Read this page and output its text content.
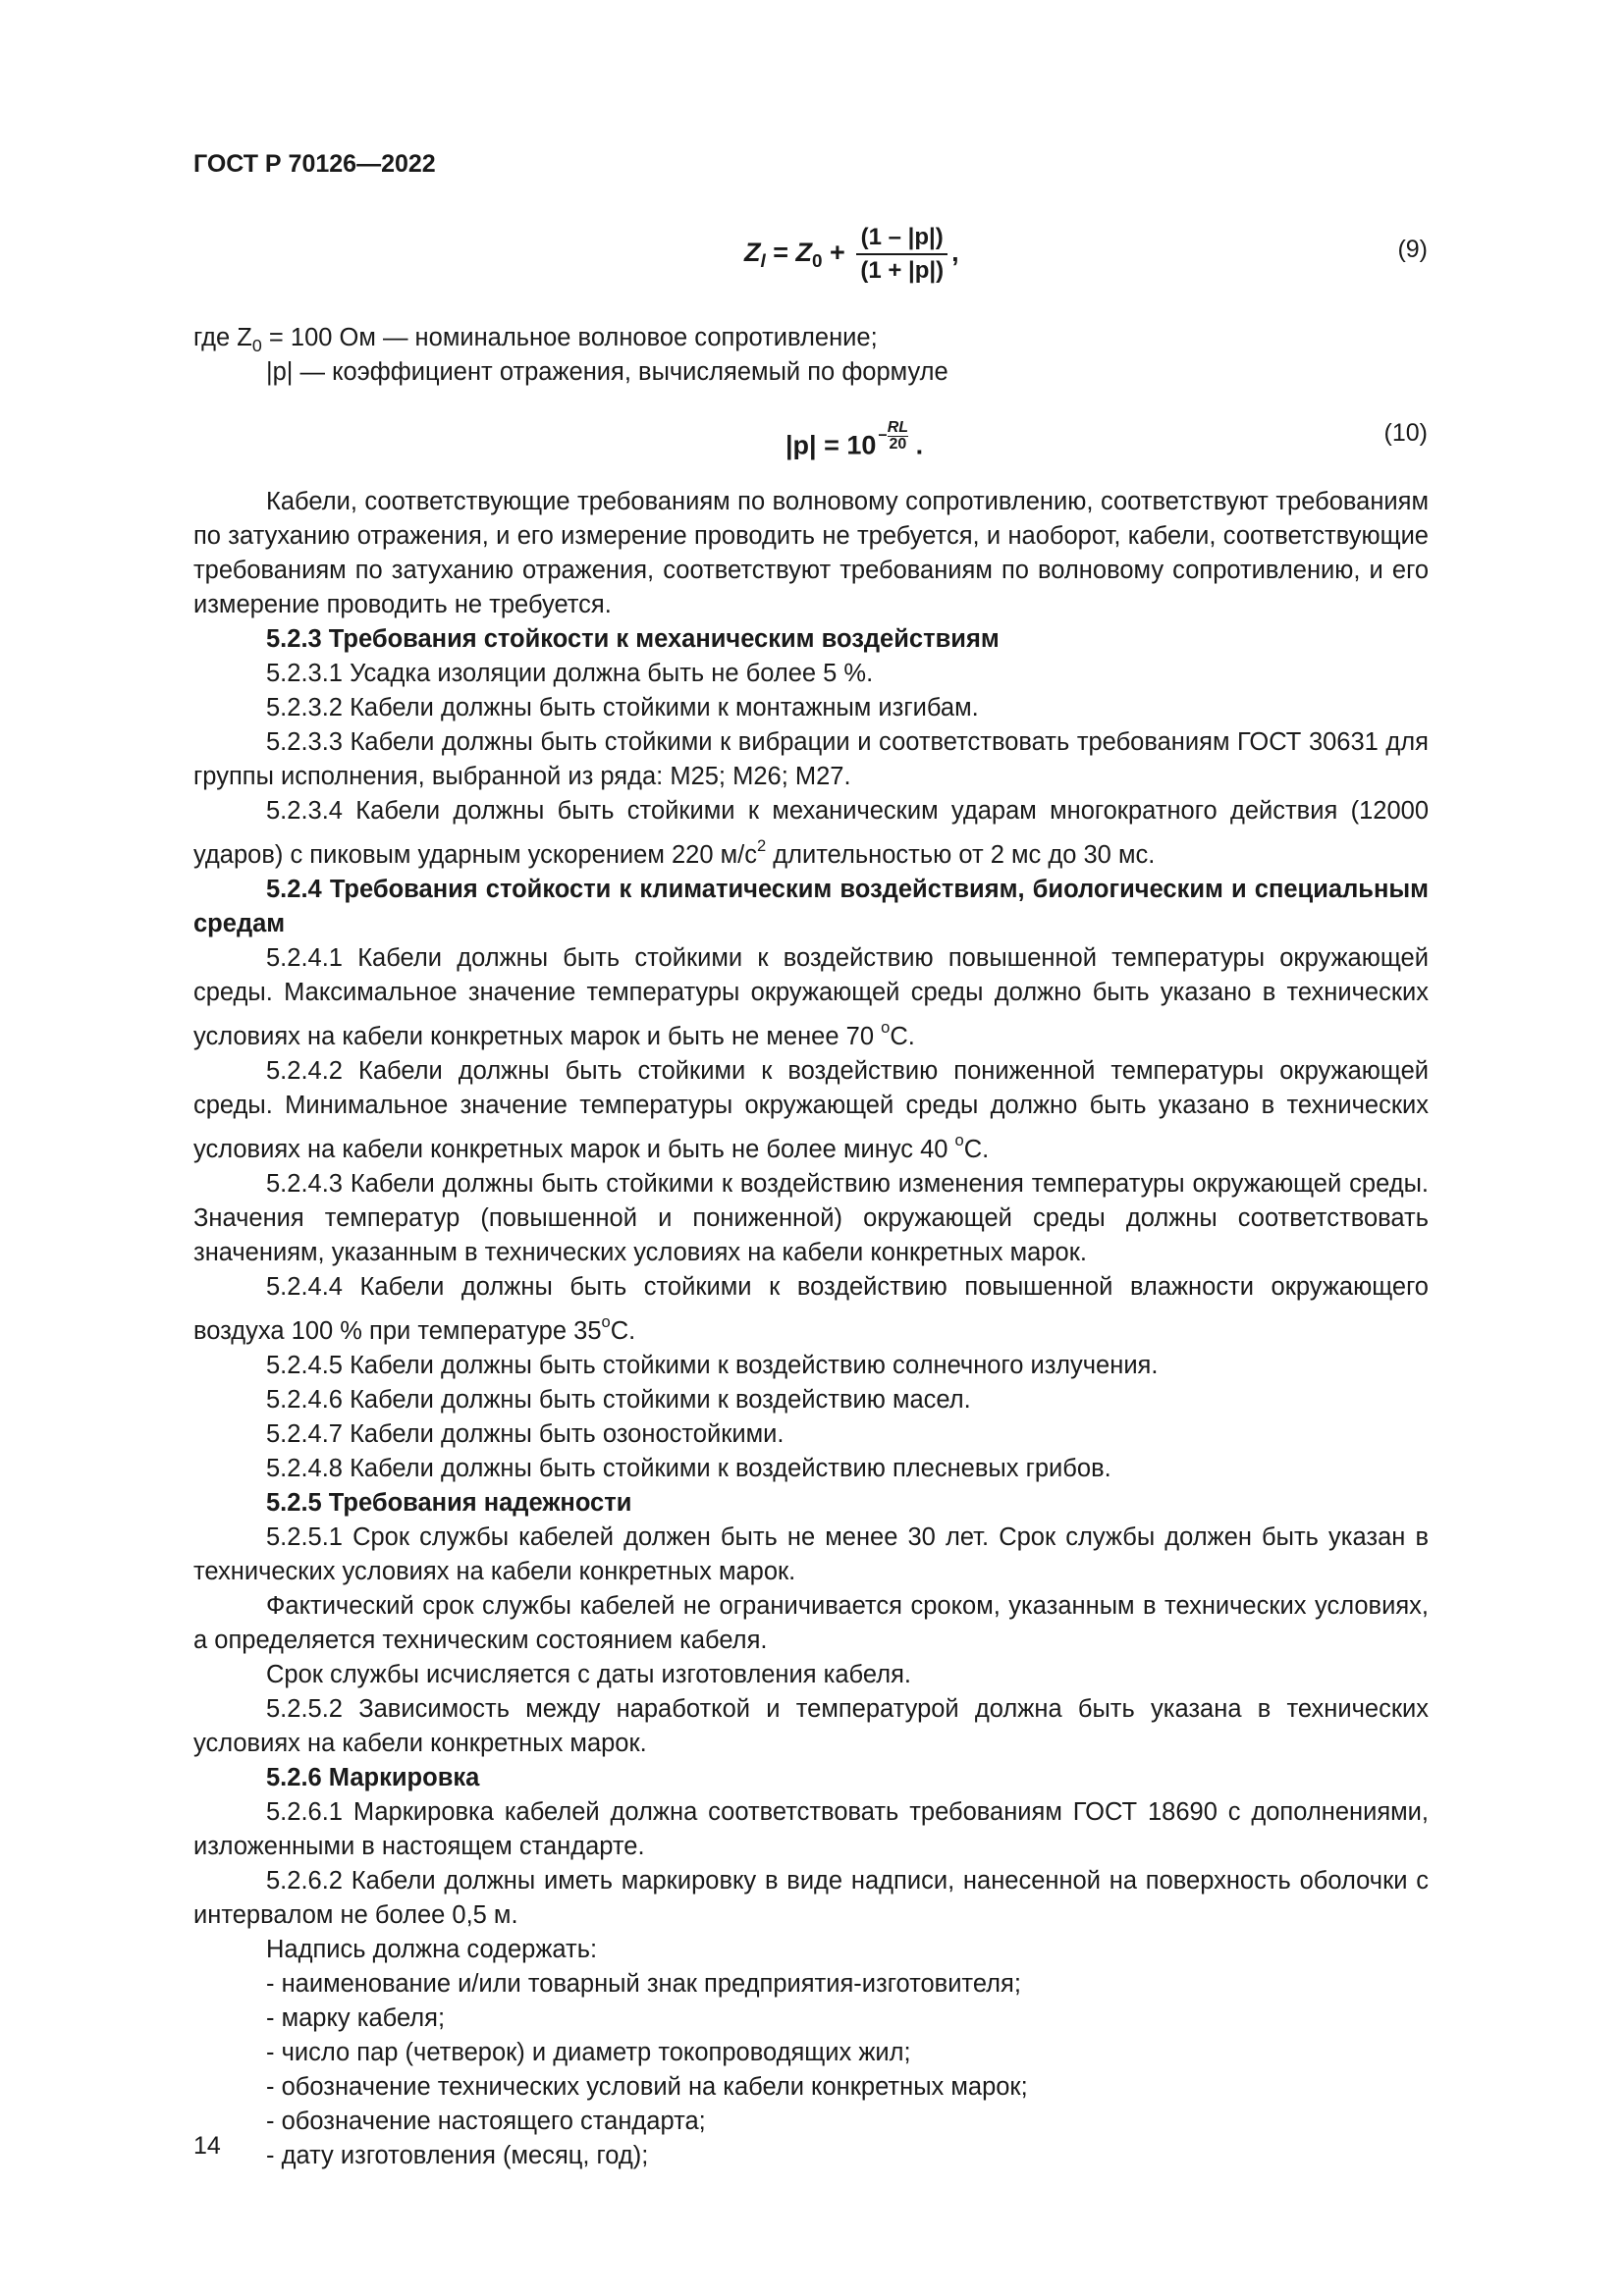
ГОСТ Р 70126—2022
$Z_l = Z_0 + \frac{(1 - |p|)}{(1 + |p|)}$ ,	(9)
где $Z_0 = 100$ Ом — номинальное волновое сопротивление;
|p| — коэффициент отражения, вычисляемый по формуле
$|p| = 10 - \frac{RL}{20}$ .	(10)

Кабели, соответствующие требованиям по волновому сопротивлению, соответствуют требованиям по затуханию отражения, и его измерение проводить не требуется, и наоборот, кабели, соответствующие требованиям по затуханию отражения, соответствуют требованиям по волновому сопротивлению, и его измерение проводить не требуется.

5.2.3 Требования стойкости к механическим воздействиям

5.2.3.1 Усадка изоляции должна быть не более 5 %.

5.2.3.2 Кабели должны быть стойкими к монтажным изгибам.

5.2.3.3 Кабели должны быть стойкими к вибрации и соответствовать требованиям ГОСТ 30631 для группы исполнения, выбранной из ряда: М25; М26; М27.

5.2.3.4 Кабели должны быть стойкими к механическим ударам многократного действия (12000 ударов) с пиковым ударным ускорением 220 $м/с^2$ длительностью от 2 мс до 30 мс.

5.2.4 Требования стойкости к климатическим воздействиям, биологическим и специальным средам

5.2.4.1 Кабели должны быть стойкими к воздействию повышенной температуры окружающей среды. Максимальное значение температуры окружающей среды должно быть указано в технических условиях на кабели конкретных марок и быть не менее 70 $^о$С.

5.2.4.2 Кабели должны быть стойкими к воздействию пониженной температуры окружающей среды. Минимальное значение температуры окружающей среды должно быть указано в технических условиях на кабели конкретных марок и быть не более минус 40 $^о$С.

5.2.4.3 Кабели должны быть стойкими к воздействию изменения температуры окружающей среды. Значения температур (повышенной и пониженной) окружающей среды должны соответствовать значениям, указанным в технических условиях на кабели конкретных марок.

5.2.4.4 Кабели должны быть стойкими к воздействию повышенной влажности окружающего воздуха 100 % при температуре $35^оС$.

5.2.4.5 Кабели должны быть стойкими к воздействию солнечного излучения.

5.2.4.6 Кабели должны быть стойкими к воздействию масел.

5.2.4.7 Кабели должны быть озоностойкими.

5.2.4.8 Кабели должны быть стойкими к воздействию плесневых грибов.

5.2.5 Требования надежности

5.2.5.1 Срок службы кабелей должен быть не менее 30 лет. Срок службы должен быть указан в технических условиях на кабели конкретных марок.

Фактический срок службы кабелей не ограничивается сроком, указанным в технических условиях, а определяется техническим состоянием кабеля.

Срок службы исчисляется с даты изготовления кабеля.

5.2.5.2 Зависимость между наработкой и температурой должна быть указана в технических условиях на кабели конкретных марок.

5.2.6 Маркировка

5.2.6.1 Маркировка кабелей должна соответствовать требованиям ГОСТ 18690 с дополнениями, изложенными в настоящем стандарте.

5.2.6.2 Кабели должны иметь маркировку в виде надписи, нанесенной на поверхность оболочки с интервалом не более 0,5 м.

Надпись должна содержать:

- наименование и/или товарный знак предприятия-изготовителя;

- марку кабеля;

- число пар (четверок) и диаметр токопроводящих жил;

- обозначение технических условий на кабели конкретных марок;

- обозначение настоящего стандарта;

- дату изготовления (месяц, год);

14
